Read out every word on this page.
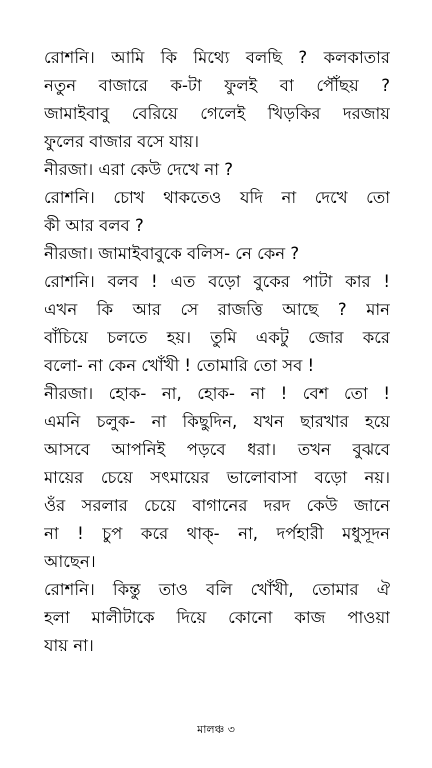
রোশনি। আমি কি মিথ্যে বলছি ? কলকাতার
নতুন বাজারে ক-টা ফুলই বা পৌঁছয় ?
জামাইবাবু বেরিয়ে গেলেই খিড়কির দরজায়
ফুলের বাজার বসে যায়।
নীরজা। এরা কেউ দেখে না ?
রোশনি। চোখ থাকতেও যদি না দেখে তো
কী আর বলব ?
নীরজা। জামাইবাবুকে বলিস- নে কেন ?
রোশনি। বলব ! এত বড়ো বুকের পাটা কার !
এখন কি আর সে রাজত্তি আছে ? মান
বাঁচিয়ে চলতে হয়। তুমি একটু জোর করে
বলো- না কেন খোঁখী ! তোমারি তো সব !
নীরজা। হোক- না, হোক- না ! বেশ তো !
এমনি চলুক- না কিছুদিন, যখন ছারখার হয়ে
আসবে আপনিই পড়বে ধরা। তখন বুঝবে
মায়ের চেয়ে সৎমায়ের ভালোবাসা বড়ো নয়।
ওঁর সরলার চেয়ে বাগানের দরদ কেউ জানে
না ! চুপ করে থাক্- না, দর্পহারী মধুসূদন
আছেন।
রোশনি। কিন্তু তাও বলি খোঁখী, তোমার ঐ
হলা মালীটাকে দিয়ে কোনো কাজ পাওয়া
যায় না।
মালঞ্চ ৩
